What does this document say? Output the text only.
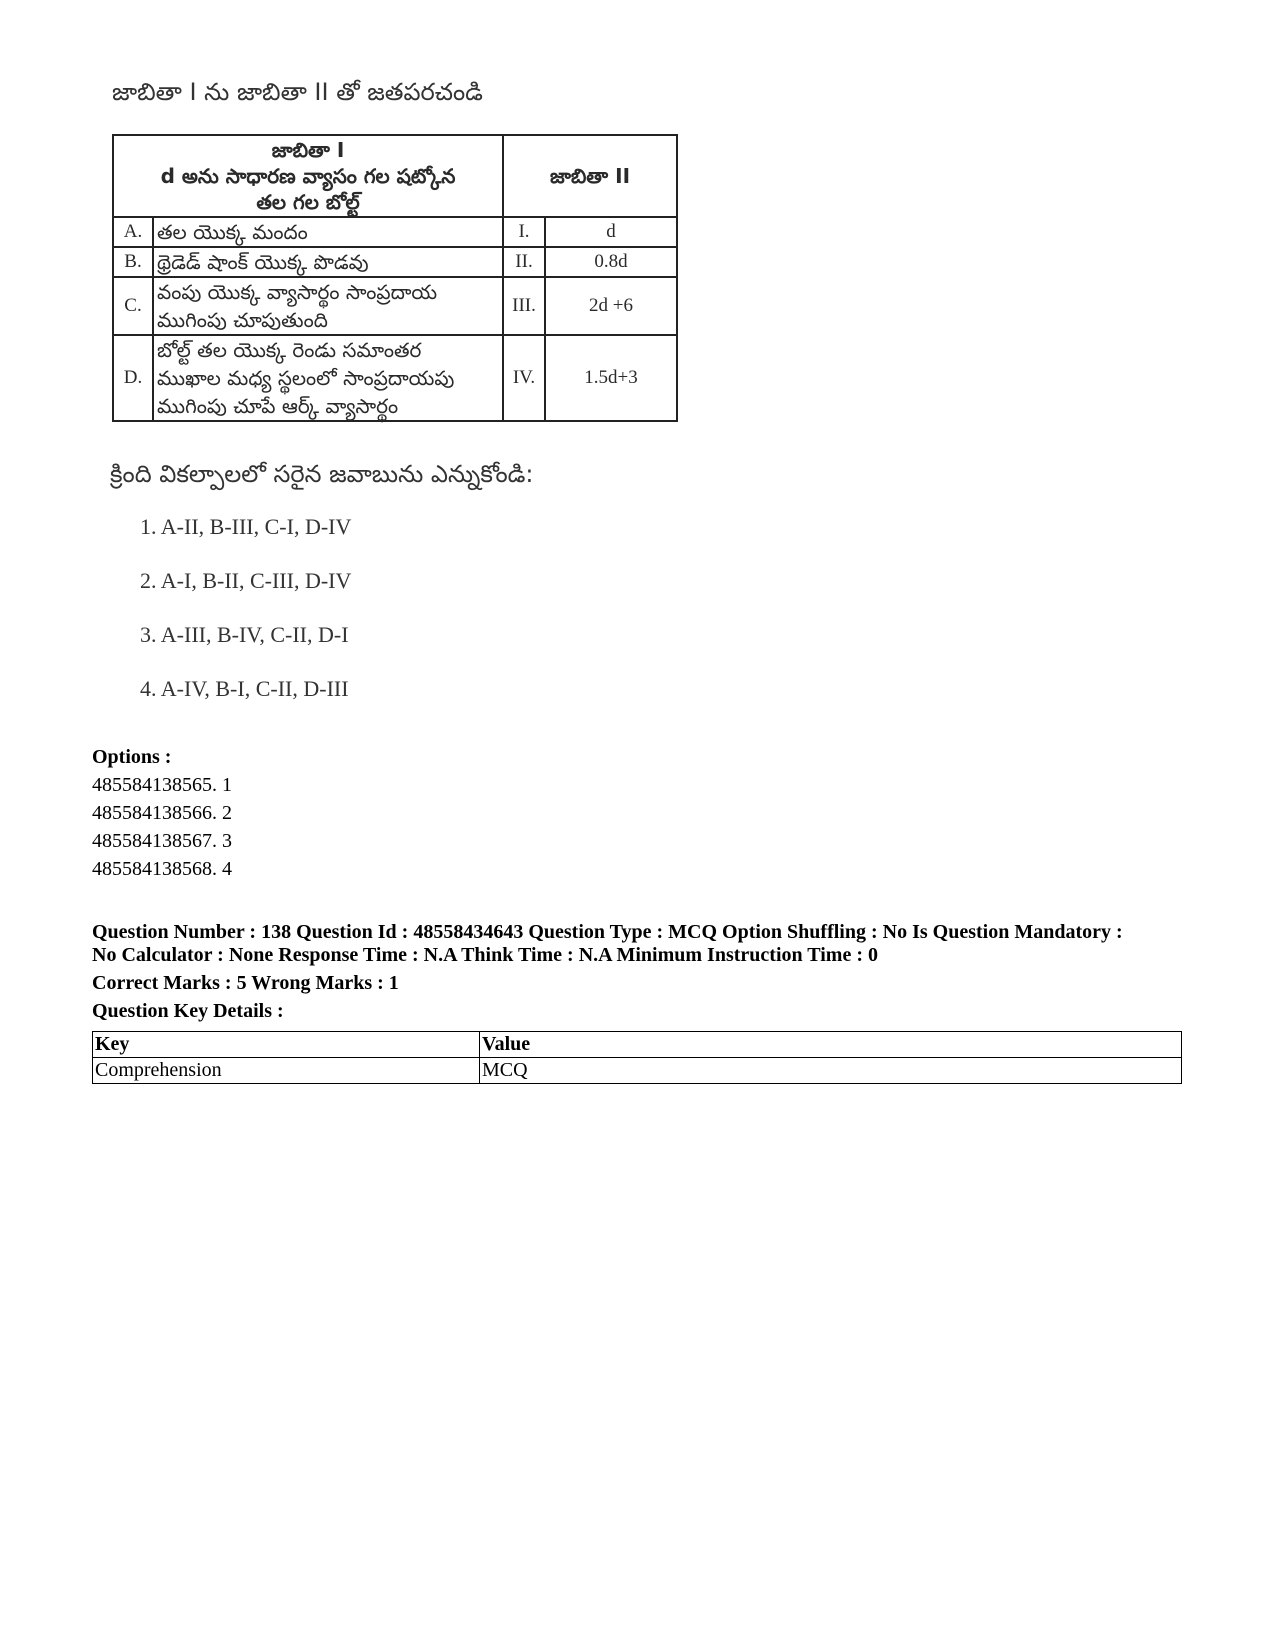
జాబితా I ను జాబితా II తో జతపరచండి
జాబితా I
d అను సాధారణ వ్యాసం గల షట్కోన
తల గల బోల్ట్		జాబితా II	
A.	తల యొక్క మందం	I.	d
B.	థ్రెడెడ్ షాంక్ యొక్క పొడవు	II.	0.8d
C.	వంపు యొక్క వ్యాసార్థం సాంప్రదాయ
ముగింపు చూపుతుంది	III.	2d +6
D.	బోల్ట్ తల యొక్క రెండు సమాంతర
ముఖాల మధ్య స్థలంలో సాంప్రదాయపు
ముగింపు చూపే ఆర్క్ వ్యాసార్థం	IV.	1.5d+3
క్రింది వికల్పాలలో సరైన జవాబును ఎన్నుకోండి:
1. A-II, B-III, C-I, D-IV
2. A-I, B-II, C-III, D-IV
3. A-III, B-IV, C-II, D-I
4. A-IV, B-I, C-II, D-III
Options :
485584138565. 1
485584138566. 2
485584138567. 3
485584138568. 4
Question Number : 138 Question Id : 48558434643 Question Type : MCQ Option Shuffling : No Is Question Mandatory :
No Calculator : None Response Time : N.A Think Time : N.A Minimum Instruction Time : 0
Correct Marks : 5 Wrong Marks : 1
Question Key Details :
Key	Value
Comprehension	MCQ
